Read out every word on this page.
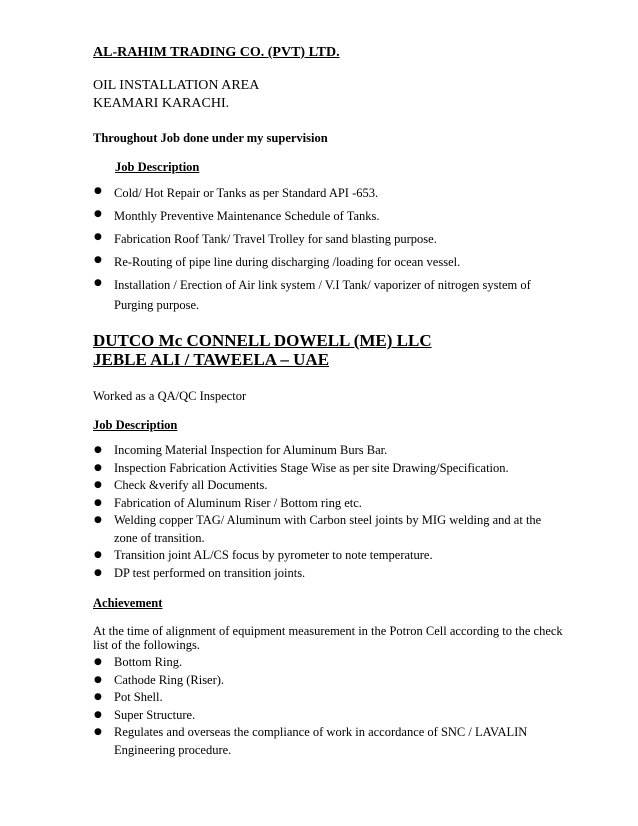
AL-RAHIM TRADING CO. (PVT) LTD.
OIL INSTALLATION AREA
KEAMARI KARACHI.
Throughout Job done under my supervision
Job Description
● Cold/ Hot Repair or Tanks as per Standard API -653.
● Monthly Preventive Maintenance Schedule of Tanks.
● Fabrication Roof Tank/ Travel Trolley for sand blasting purpose.
● Re-Routing of pipe line during discharging /loading for ocean vessel.
● Installation / Erection of Air link system / V.I Tank/ vaporizer of nitrogen system of
Purging purpose.
DUTCO Mc CONNELL DOWELL (ME) LLC
JEBLE ALI / TAWEELA – UAE
Worked as a QA/QC Inspector
Job Description
● Incoming Material Inspection for Aluminum Burs Bar.
● Inspection Fabrication Activities Stage Wise as per site Drawing/Specification.
● Check &verify all Documents.
● Fabrication of Aluminum Riser / Bottom ring etc.
● Welding copper TAG/ Aluminum with Carbon steel joints by MIG welding and at the
zone of transition.
● Transition joint AL/CS focus by pyrometer to note temperature.
● DP test performed on transition joints.
Achievement
At the time of alignment of equipment measurement in the Potron Cell according to the check
list of the followings.
● Bottom Ring.
● Cathode Ring (Riser).
● Pot Shell.
● Super Structure.
● Regulates and overseas the compliance of work in accordance of SNC / LAVALIN
Engineering procedure.
